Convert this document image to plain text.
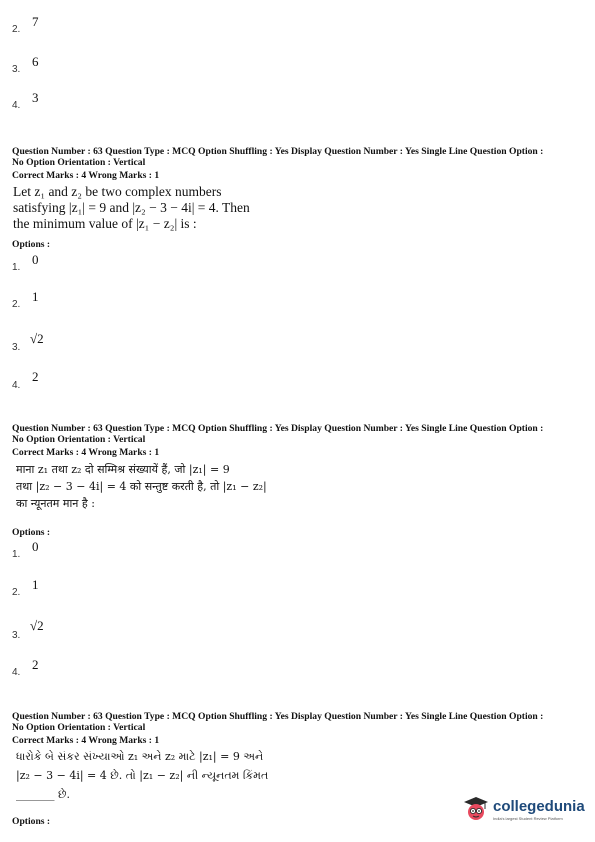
2.
7
3.
6
4.
3
Question Number : 63 Question Type : MCQ Option Shuffling : Yes Display Question Number : Yes Single Line Question Option :
No Option Orientation : Vertical
Correct Marks : 4 Wrong Marks : 1
Let z₁ and z₂ be two complex numbers
satisfying |z₁| = 9 and |z₂ − 3 − 4i| = 4. Then
the minimum value of |z₁ − z₂| is :
Options :
1.
0
2.
1
3.
√2
4.
2
Question Number : 63 Question Type : MCQ Option Shuffling : Yes Display Question Number : Yes Single Line Question Option :
No Option Orientation : Vertical
Correct Marks : 4 Wrong Marks : 1
माना z₁ तथा z₂ दो सम्मिश्र संख्यायें हैं, जो |z₁| = 9
तथा |z₂ − 3 − 4i| = 4 को सन्तुष्ट करती है, तो |z₁ − z₂|
का न्यूनतम मान है :
Options :
1.
0
2.
1
3.
√2
4.
2
Question Number : 63 Question Type : MCQ Option Shuffling : Yes Display Question Number : Yes Single Line Question Option :
No Option Orientation : Vertical
Correct Marks : 4 Wrong Marks : 1
ધારોકે બે સંકર સંખ્યાઓ z₁ અને z₂ માટે |z₁| = 9 અને
|z₂ − 3 − 4i| = 4 છે. તો |z₁ − z₂| ની ન્યૂનતમ કિંમત
_______ છે.
Options :
collegedunia
India's largest Student Review Platform
